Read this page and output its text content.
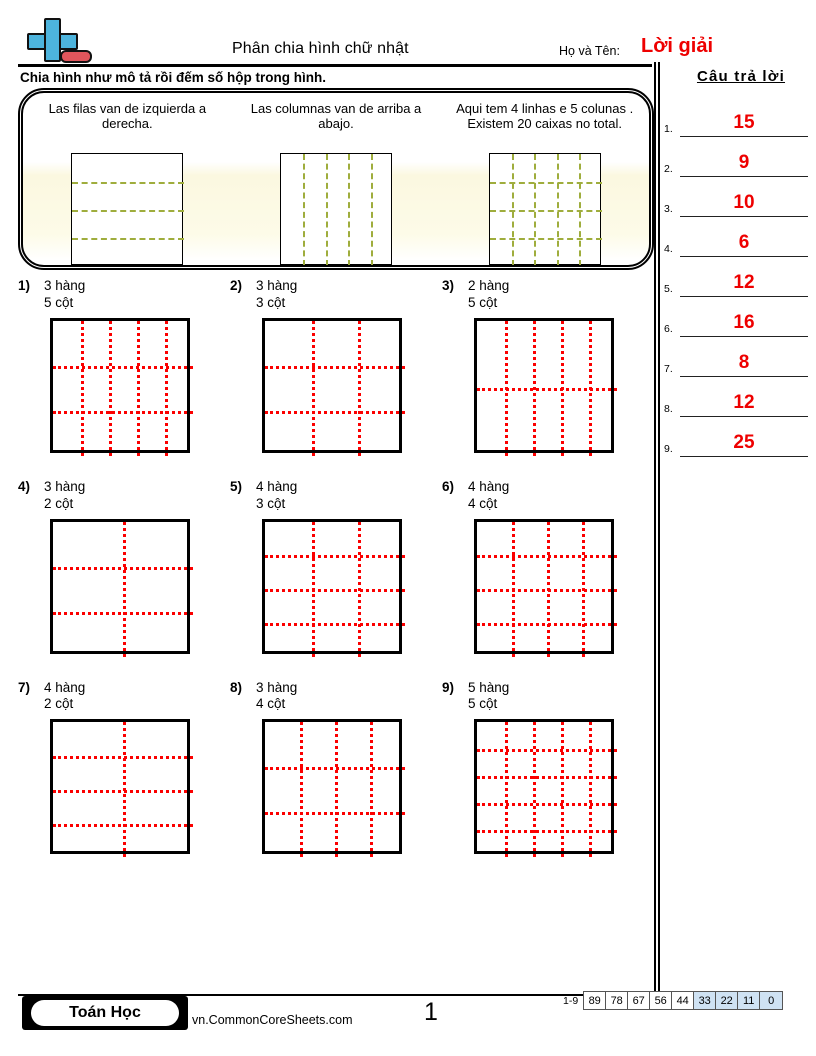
Phân chia hình chữ nhật	Họ và Tên: Lời giải
Chia hình như mô tả rồi đếm số hộp trong hình.
Las filas van de izquierda a derecha.
Las columnas van de arriba a abajo.
Aqui tem 4 linhas e 5 colunas . Existem 20 caixas no total.
Câu trả lời
1.	15
2.	9
3.	10
4.	6
5.	12
6.	16
7.	8
8.	12
9.	25
1)	3 hàng
5 cột
2)	3 hàng
3 cột
3)	2 hàng
5 cột
4)	3 hàng
2 cột
5)	4 hàng
3 cột
6)	4 hàng
4 cột
7)	4 hàng
2 cột
8)	3 hàng
4 cột
9)	5 hàng
5 cột
Toán Học	vn.CommonCoreSheets.com	1	1-9 89 78 67 56 44 33 22 11	0
